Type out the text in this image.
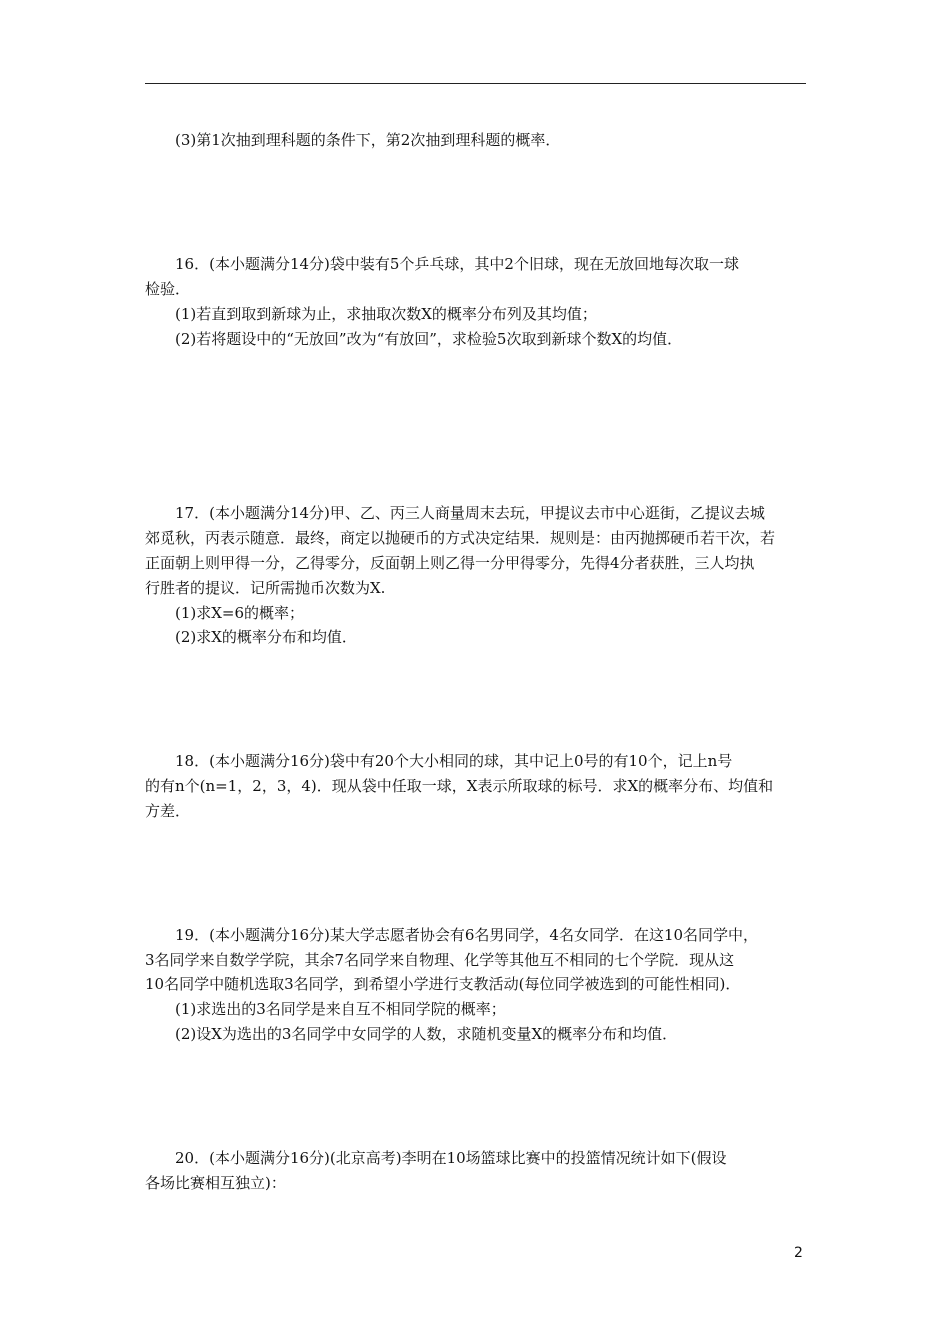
(3)第1次抽到理科题的条件下，第2次抽到理科题的概率．

16．(本小题满分14分)袋中装有5个乒乓球，其中2个旧球，现在无放回地每次取一球

检验．

(1)若直到取到新球为止，求抽取次数X的概率分布列及其均值；

(2)若将题设中的“无放回”改为“有放回”，求检验5次取到新球个数X的均值．

17．(本小题满分14分)甲、乙、丙三人商量周末去玩，甲提议去市中心逛街，乙提议去城

郊觅秋，丙表示随意．最终，商定以抛硬币的方式决定结果．规则是：由丙抛掷硬币若干次，若

正面朝上则甲得一分，乙得零分，反面朝上则乙得一分甲得零分，先得4分者获胜，三人均执

行胜者的提议．记所需抛币次数为X.

(1)求X=6的概率；

(2)求X的概率分布和均值．

18．(本小题满分16分)袋中有20个大小相同的球，其中记上0号的有10个，记上n号

的有n个(n=1，2，3，4)．现从袋中任取一球，X表示所取球的标号．求X的概率分布、均值和

方差．

19．(本小题满分16分)某大学志愿者协会有6名男同学，4名女同学．在这10名同学中，

3名同学来自数学学院，其余7名同学来自物理、化学等其他互不相同的七个学院．现从这

10名同学中随机选取3名同学，到希望小学进行支教活动(每位同学被选到的可能性相同)．

(1)求选出的3名同学是来自互不相同学院的概率；

(2)设X为选出的3名同学中女同学的人数，求随机变量X的概率分布和均值．

20．(本小题满分16分)(北京高考)李明在10场篮球比赛中的投篮情况统计如下(假设

各场比赛相互独立)：

2
